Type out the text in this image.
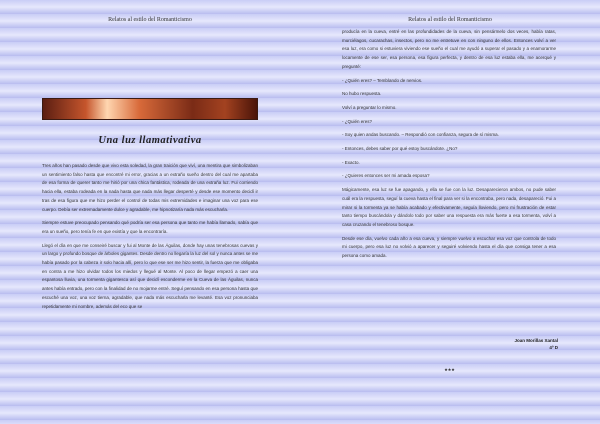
Relatos al estilo del Romanticismo
Una luz llamativativa

Tres años han pasado desde que vivo esta soledad, la gran traición que viví, una mentira que simbolizaban un sentimiento falso hasta que encontré mi error, gracias a un extraño sueño dentro del cual me apartaba de esa forma de querer tanto me hirió por una chica fantástica, rodeada de una extraña luz. Fui corriendo hacia ella, estaba rodeada en la nada hasta que nada más llegar desperté y desde ese momento decidí ir tras de esa figura que me hizo perder el control de todas mis extremidades e imaginar una voz para ese cuerpo. Debía ser extremadamente dulce y agradable, me hipnotizaría nada más escucharla.

Siempre estuve preocupado pensando qué podría ser esa persona que tanto me había llamado, sabía que era un sueño, pero tenía fe en que existía y que la encontraría.

Llegó el día en que me conseiré buscar y fui al Monte de las Águilas, donde hay unas tenebrosas cuevas y un largo y profundo bosque de árboles gigantes. Desde dentro no llegaría la luz del sol y nunca antes se me había pasado por la cabeza ir solo hacia allí, pero lo que ese ser me hizo sentir, la fuerza que me obligaba en contra a me hizo olvidar todos los miedos y llegué al Monte. Al poco de llegar empezó a caer una espantosa lluvia, una tormenta gigantesca así que decidí esconderme en la Cueva de las Águilas, nunca antes había entrado, pero con la finalidad de no mojarme entré. Seguí pensando en esa persona hasta que escuché una voz, una voz tierna, agradable, que nada más escucharla me levanté. Esa voz pronunciaba repetidamente mi nombre, además del eco que se

Relatos al estilo del Romanticismo

producía en la cueva, entré en las profundidades de la cueva, sin pensármelo dos veces, había ratas, murciélagos, cucarachas, insectos, pero no me entretuve en con ninguno de ellos. Entonces volví a ver esa luz, era como si estuviera viviendo ese sueño el cual me ayudó a superar el pasado y a enamorarme locamente de ese ser, esa persona, esa figura perfecta, y dentro de esa luz estaba ella, me acerqué y pregunté:

- ¿Quién eres? – Temblando de nervios.

No hubo respuesta.

Volví a preguntar lo mismo.

- ¿Quién eres?

- Soy quien andas buscando. – Respondió con confianza, segura de sí misma.

- Entonces, debes saber por qué estoy buscándote. ¿No?

- Exacto.

- ¿Quieres entonces ser mi amada esposa?

Mágicamente, esa luz se fue apagando, y ella se fue con la luz. Desaparecieron ambos, no pude saber cuál era la respuesta, seguí la cueva hasta el final para ver si la encontraba, pero nada, desapareció. Fui a mirar si la tormenta ya se había acabado y efectivamente, seguía lloviendo, pero mi frustración de estar tanto tiempo buscándola y dándolo todo por saber una respuesta era más fuerte a esa tormenta, volví a casa cruzando el tenebroso bosque.

Desde ese día, vuelvo cada año a esa cueva, y siempre vuelvo a escuchar esa voz que controla de todo mi cuerpo, pero esa luz no volvió a aparecer y seguiré volviendo hasta el día que consiga tener a esa persona como amada.

Joan Morillas Xantal
4º D
***
